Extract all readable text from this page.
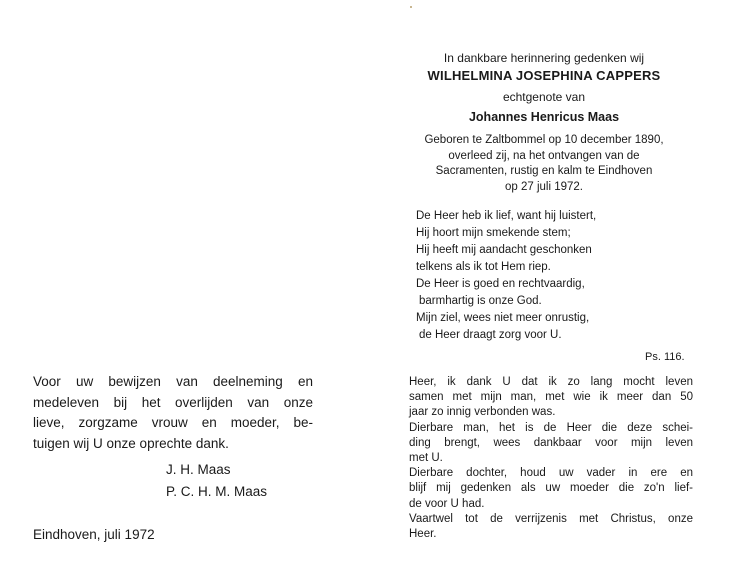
Voor uw bewijzen van deelneming en
medeleven bij het overlijden van onze
lieve, zorgzame vrouw en moeder, be-
tuigen wij U onze oprechte dank.
J. H. Maas
P. C. H. M. Maas
Eindhoven, juli 1972
In dankbare herinnering gedenken wij
WILHELMINA JOSEPHINA CAPPERS
echtgenote van
Johannes Henricus Maas
Geboren te Zaltbommel op 10 december 1890,
overleed zij, na het ontvangen van de
Sacramenten, rustig en kalm te Eindhoven
op 27 juli 1972.
De Heer heb ik lief, want hij luistert,
Hij hoort mijn smekende stem;
Hij heeft mij aandacht geschonken
telkens als ik tot Hem riep.
De Heer is goed en rechtvaardig,
barmhartig is onze God.
Mijn ziel, wees niet meer onrustig,
de Heer draagt zorg voor U.
Ps. 116.
Heer, ik dank U dat ik zo lang mocht leven
samen met mijn man, met wie ik meer dan 50
jaar zo innig verbonden was.
Dierbare man, het is de Heer die deze schei-
ding brengt, wees dankbaar voor mijn leven
met U.
Dierbare dochter, houd uw vader in ere en
blijf mij gedenken als uw moeder die zo'n lief-
de voor U had.
Vaartwel tot de verrijzenis met Christus, onze
Heer.
